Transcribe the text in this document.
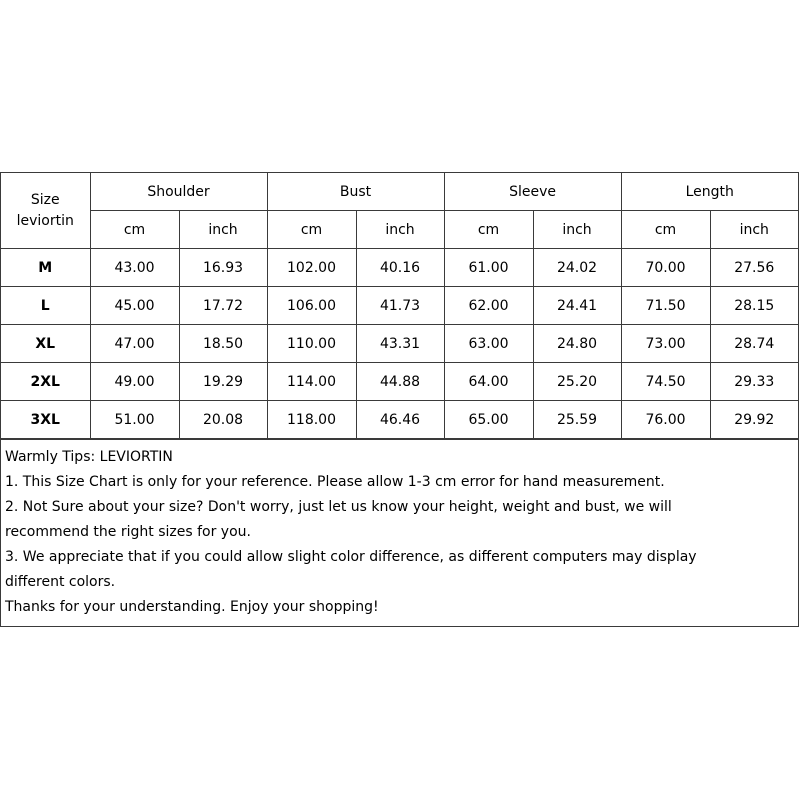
Size
leviortin	Shoulder		Bust		Sleeve		Length	
	cm	inch	cm	inch	cm	inch	cm	inch
M	43.00	16.93	102.00	40.16	61.00	24.02	70.00	27.56
L	45.00	17.72	106.00	41.73	62.00	24.41	71.50	28.15
XL	47.00	18.50	110.00	43.31	63.00	24.80	73.00	28.74
2XL	49.00	19.29	114.00	44.88	64.00	25.20	74.50	29.33
3XL	51.00	20.08	118.00	46.46	65.00	25.59	76.00	29.92
Warmly Tips: LEVIORTIN
1. This Size Chart is only for your reference. Please allow 1-3 cm error for hand measurement.
2. Not Sure about your size? Don't worry, just let us know your height, weight and bust, we will
recommend the right sizes for you.
3. We appreciate that if you could allow slight color difference, as different computers may display
different colors.
Thanks for your understanding. Enjoy your shopping!
